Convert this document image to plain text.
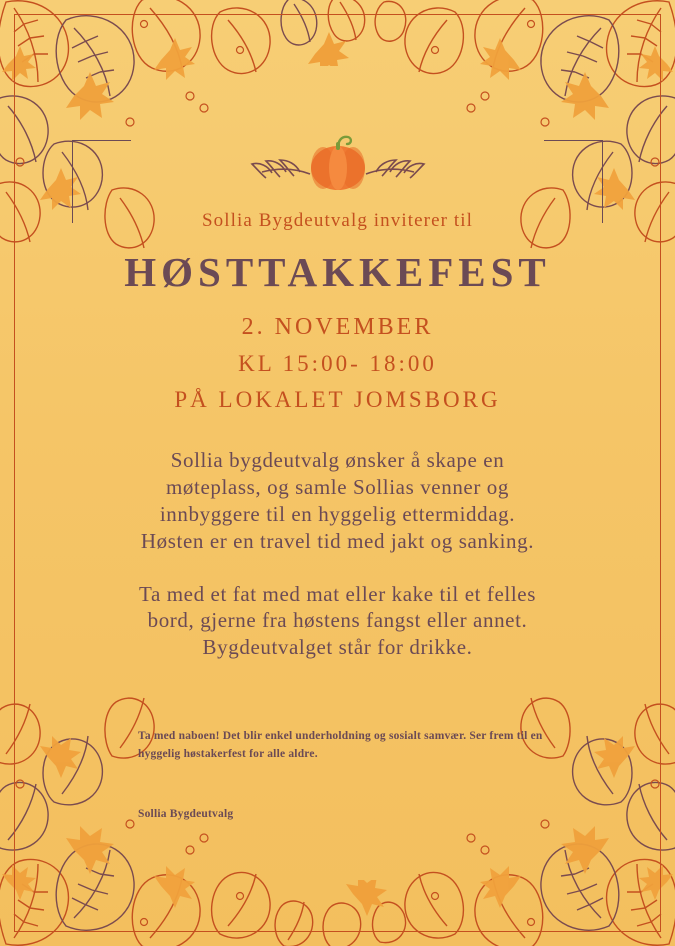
Sollia Bygdeutvalg inviterer til
HØSTTAKKEFEST
2. NOVEMBER
KL 15:00- 18:00
PÅ LOKALET JOMSBORG

Sollia bygdeutvalg ønsker å skape en møteplass, og samle Sollias venner og innbyggere til en hyggelig ettermiddag. Høsten er en travel tid med jakt og sanking.

Ta med et fat med mat eller kake til et felles bord, gjerne fra høstens fangst eller annet. Bygdeutvalget står for drikke.

Ta med naboen! Det blir enkel underholdning og sosialt samvær. Ser frem til en hyggelig høstakerfest for alle aldre.
Sollia Bygdeutvalg
